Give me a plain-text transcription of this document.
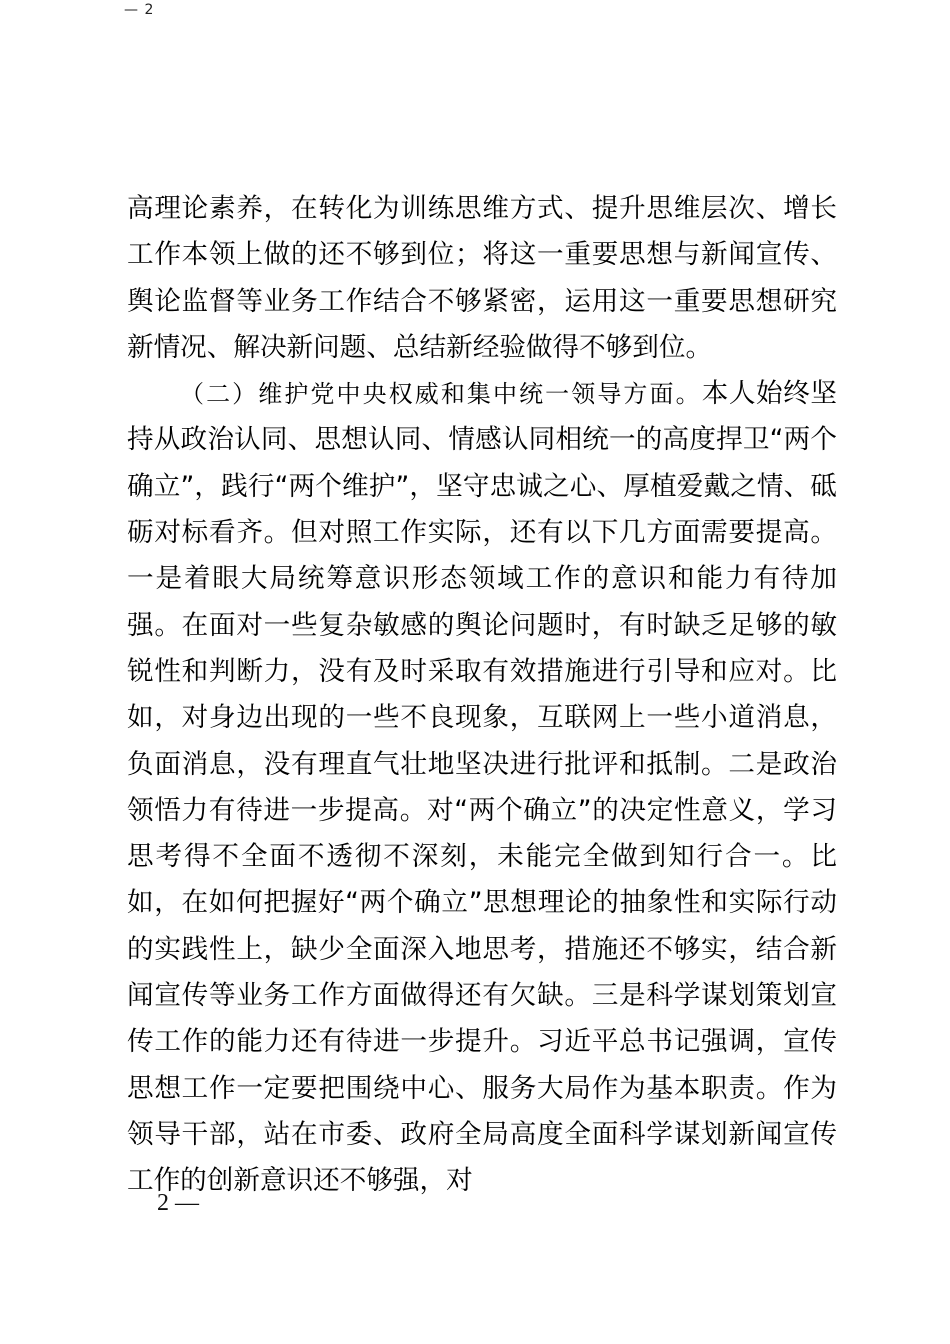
— 2

高理论素养，在转化为训练思维方式、提升思维层次、增长工作本领上做的还不够到位；将这一重要思想与新闻宣传、舆论监督等业务工作结合不够紧密，运用这一重要思想研究新情况、解决新问题、总结新经验做得不够到位。

（二）维护党中央权威和集中统一领导方面。本人始终坚持从政治认同、思想认同、情感认同相统一的高度捍卫“两个确立”，践行“两个维护”，坚守忠诚之心、厚植爱戴之情、砥砺对标看齐。但对照工作实际，还有以下几方面需要提高。一是着眼大局统筹意识形态领域工作的意识和能力有待加强。在面对一些复杂敏感的舆论问题时，有时缺乏足够的敏锐性和判断力，没有及时采取有效措施进行引导和应对。比如，对身边出现的一些不良现象，互联网上一些小道消息，负面消息，没有理直气壮地坚决进行批评和抵制。二是政治领悟力有待进一步提高。对“两个确立”的决定性意义，学习思考得不全面不透彻不深刻，未能完全做到知行合一。比如，在如何把握好“两个确立”思想理论的抽象性和实际行动的实践性上，缺少全面深入地思考，措施还不够实，结合新闻宣传等业务工作方面做得还有欠缺。三是科学谋划策划宣传工作的能力还有待进一步提升。习近平总书记强调，宣传思想工作一定要把围绕中心、服务大局作为基本职责。作为领导干部，站在市委、政府全局高度全面科学谋划新闻宣传工作的创新意识还不够强，对

2 —
